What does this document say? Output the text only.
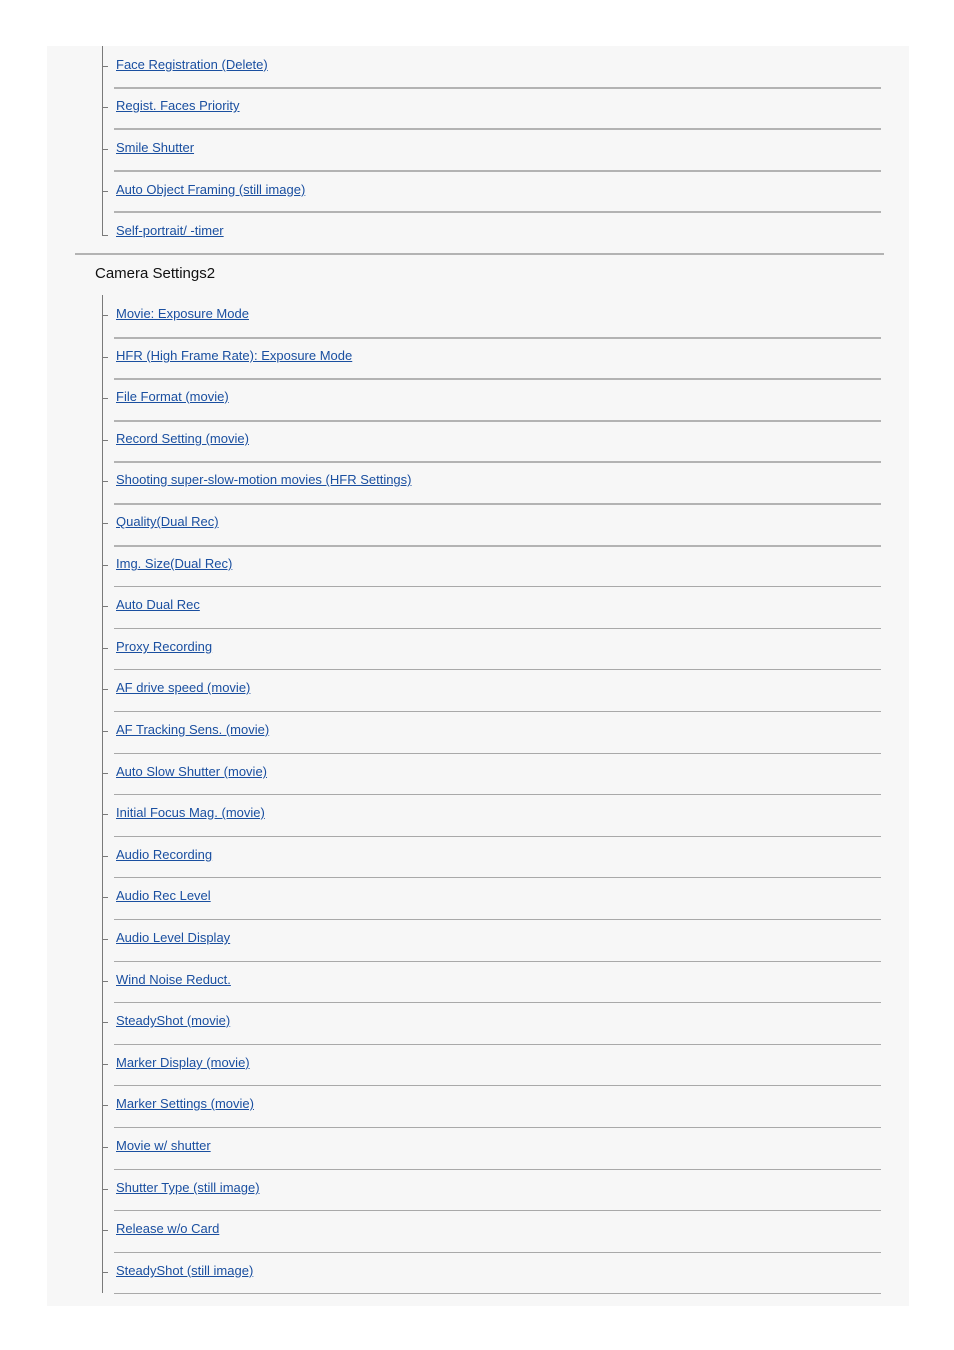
Face Registration (Delete)
Regist. Faces Priority
Smile Shutter
Auto Object Framing (still image)
Self-portrait/ -timer
Camera Settings2
Movie: Exposure Mode
HFR (High Frame Rate): Exposure Mode
File Format (movie)
Record Setting (movie)
Shooting super-slow-motion movies (HFR Settings)
Quality(Dual Rec)
Img. Size(Dual Rec)
Auto Dual Rec
Proxy Recording
AF drive speed (movie)
AF Tracking Sens. (movie)
Auto Slow Shutter (movie)
Initial Focus Mag. (movie)
Audio Recording
Audio Rec Level
Audio Level Display
Wind Noise Reduct.
SteadyShot (movie)
Marker Display (movie)
Marker Settings (movie)
Movie w/ shutter
Shutter Type (still image)
Release w/o Card
SteadyShot (still image)
